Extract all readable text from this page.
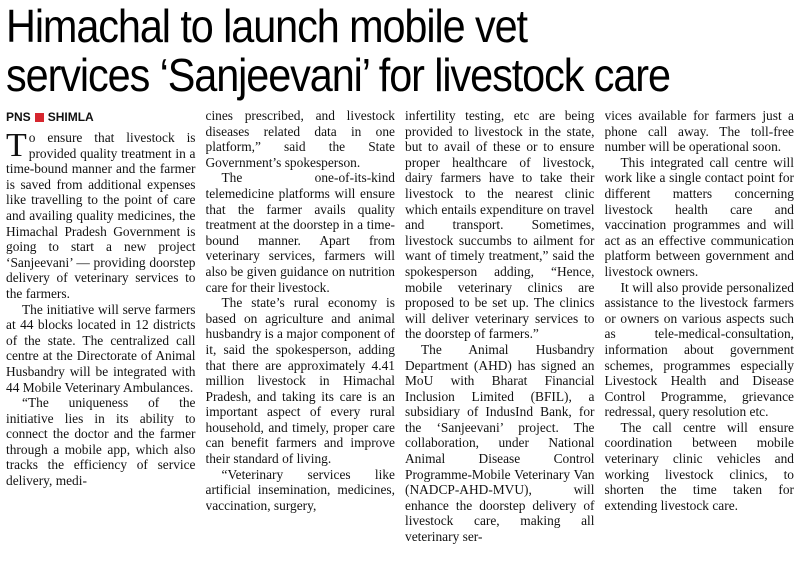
Himachal to launch mobile vet
services ‘Sanjeevani’ for livestock care

To ensure that livestock is provided quality treatment in a time-bound manner and the farmer is saved from additional expenses like travelling to the point of care and availing quality medicines, the Himachal Pradesh Government is going to start a new project ‘Sanjeevani’ — providing doorstep delivery of veterinary services to the farmers.

The initiative will serve farmers at 44 blocks located in 12 districts of the state. The centralized call centre at the Directorate of Animal Husbandry will be integrated with 44 Mobile Veterinary Ambulances.

“The uniqueness of the initiative lies in its ability to connect the doctor and the farmer through a mobile app, which also tracks the efficiency of service delivery, medi-

cines prescribed, and livestock diseases related data in one platform,” said the State Government’s spokesperson.

The one-of-its-kind telemedicine platforms will ensure that the farmer avails quality treatment at the doorstep in a time-bound manner. Apart from veterinary services, farmers will also be given guidance on nutrition care for their livestock.

The state’s rural economy is based on agriculture and animal husbandry is a major component of it, said the spokesperson, adding that there are approximately 4.41 million livestock in Himachal Pradesh, and taking its care is an important aspect of every rural household, and timely, proper care can benefit farmers and improve their standard of living.

“Veterinary services like artificial insemination, medicines, vaccination, surgery,

infertility testing, etc are being provided to livestock in the state, but to avail of these or to ensure proper healthcare of livestock, dairy farmers have to take their livestock to the nearest clinic which entails expenditure on travel and transport. Sometimes, livestock succumbs to ailment for want of timely treatment,” said the spokesperson adding, “Hence, mobile veterinary clinics are proposed to be set up. The clinics will deliver veterinary services to the doorstep of farmers.”

The Animal Husbandry Department (AHD) has signed an MoU with Bharat Financial Inclusion Limited (BFIL), a subsidiary of IndusInd Bank, for the ‘Sanjeevani’ project. The collaboration, under National Animal Disease Control Programme-Mobile Veterinary Van (NADCP-AHD-MVU), will enhance the doorstep delivery of livestock care, making all veterinary ser-

vices available for farmers just a phone call away. The toll-free number will be operational soon.

This integrated call centre will work like a single contact point for different matters concerning livestock health care and vaccination programmes and will act as an effective communication platform between government and livestock owners.

It will also provide personalized assistance to the livestock farmers or owners on various aspects such as tele-medical-consultation, information about government schemes, programmes especially Livestock Health and Disease Control Programme, grievance redressal, query resolution etc.

The call centre will ensure coordination between mobile veterinary clinic vehicles and working livestock clinics, to shorten the time taken for extending livestock care.

PNS SHIMLA
